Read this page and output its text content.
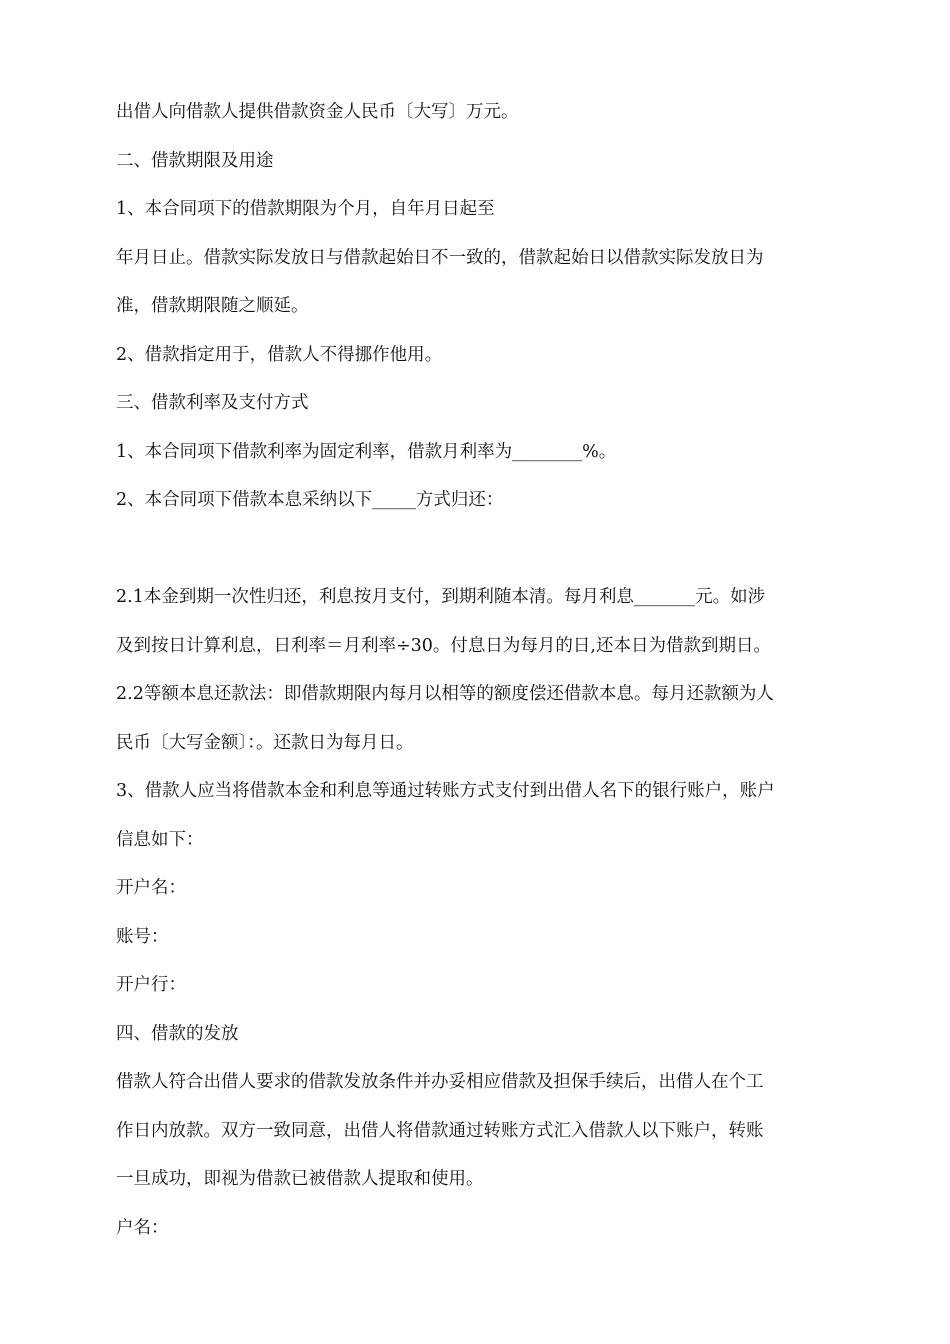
出借人向借款人提供借款资金人民币〔大写〕万元。

二、借款期限及用途

1、本合同项下的借款期限为个月，自年月日起至

年月日止。借款实际发放日与借款起始日不一致的，借款起始日以借款实际发放日为

准，借款期限随之顺延。

2、借款指定用于，借款人不得挪作他用。

三、借款利率及支付方式

1、本合同项下借款利率为固定利率，借款月利率为________%。

2、本合同项下借款本息采纳以下_____方式归还：

2.1本金到期一次性归还，利息按月支付，到期利随本清。每月利息_______元。如涉

及到按日计算利息，日利率＝月利率÷30。付息日为每月的日,还本日为借款到期日。

2.2等额本息还款法：即借款期限内每月以相等的额度偿还借款本息。每月还款额为人

民币〔大写金额〕：。还款日为每月日。

3、借款人应当将借款本金和利息等通过转账方式支付到出借人名下的银行账户，账户

信息如下：

开户名：

账号：

开户行：

四、借款的发放

借款人符合出借人要求的借款发放条件并办妥相应借款及担保手续后，出借人在个工

作日内放款。双方一致同意，出借人将借款通过转账方式汇入借款人以下账户，转账

一旦成功，即视为借款已被借款人提取和使用。

户名：
